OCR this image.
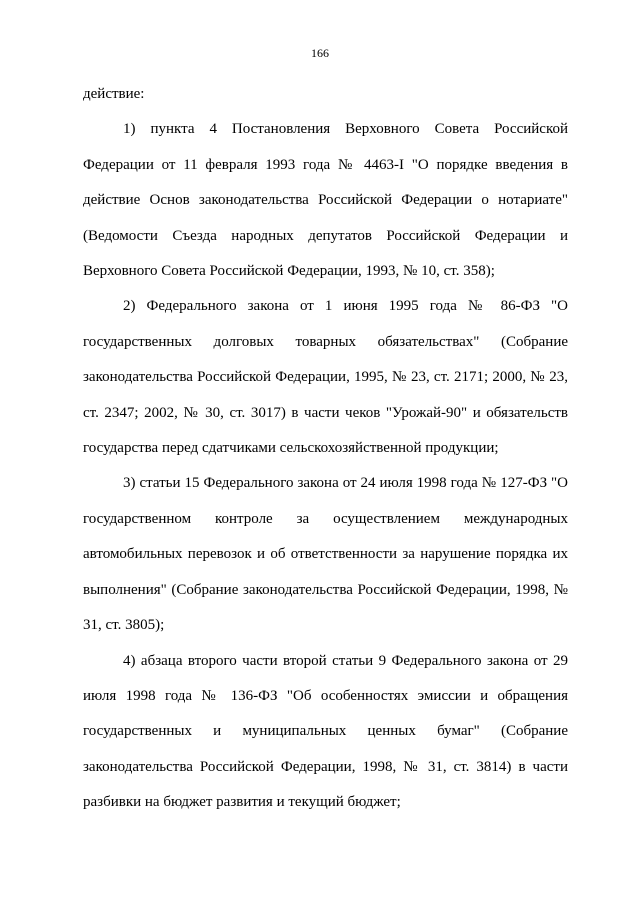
166

действие:

1) пункта 4 Постановления Верховного Совета Российской Федерации от 11 февраля 1993 года № 4463-I "О порядке введения в действие Основ законодательства Российской Федерации о нотариате" (Ведомости Съезда народных депутатов Российской Федерации и Верховного Совета Российской Федерации, 1993, № 10, ст. 358);

2) Федерального закона от 1 июня 1995 года № 86-ФЗ "О государственных долговых товарных обязательствах" (Собрание законодательства Российской Федерации, 1995, № 23, ст. 2171; 2000, № 23, ст. 2347; 2002, № 30, ст. 3017) в части чеков "Урожай-90" и обязательств государства перед сдатчиками сельскохозяйственной продукции;

3) статьи 15 Федерального закона от 24 июля 1998 года № 127-ФЗ "О государственном контроле за осуществлением международных автомобильных перевозок и об ответственности за нарушение порядка их выполнения" (Собрание законодательства Российской Федерации, 1998, № 31, ст. 3805);

4) абзаца второго части второй статьи 9 Федерального закона от 29 июля 1998 года № 136-ФЗ "Об особенностях эмиссии и обращения государственных и муниципальных ценных бумаг" (Собрание законодательства Российской Федерации, 1998, № 31, ст. 3814) в части разбивки на бюджет развития и текущий бюджет;
